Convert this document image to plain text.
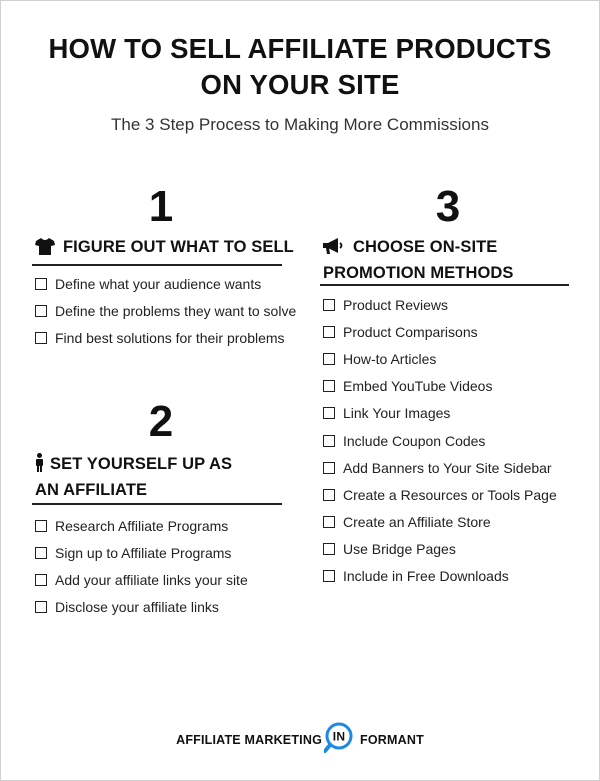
HOW TO SELL AFFILIATE PRODUCTS
ON YOUR SITE
The 3 Step Process to Making More Commissions
1
FIGURE OUT WHAT TO SELL
Define what your audience wants
Define the problems they want to solve
Find best solutions for their problems
2
SET YOURSELF UP AS
AN AFFILIATE
Research Affiliate Programs
Sign up to Affiliate Programs
Add your affiliate links your site
Disclose your affiliate links
3
CHOOSE ON-SITE
PROMOTION METHODS
Product Reviews
Product Comparisons
How-to Articles
Embed YouTube Videos
Link Your Images
Include Coupon Codes
Add Banners to Your Site Sidebar
Create a Resources or Tools Page
Create an Affiliate Store
Use Bridge Pages
Include in Free Downloads
AFFILIATE MARKETING IN FORMANT
